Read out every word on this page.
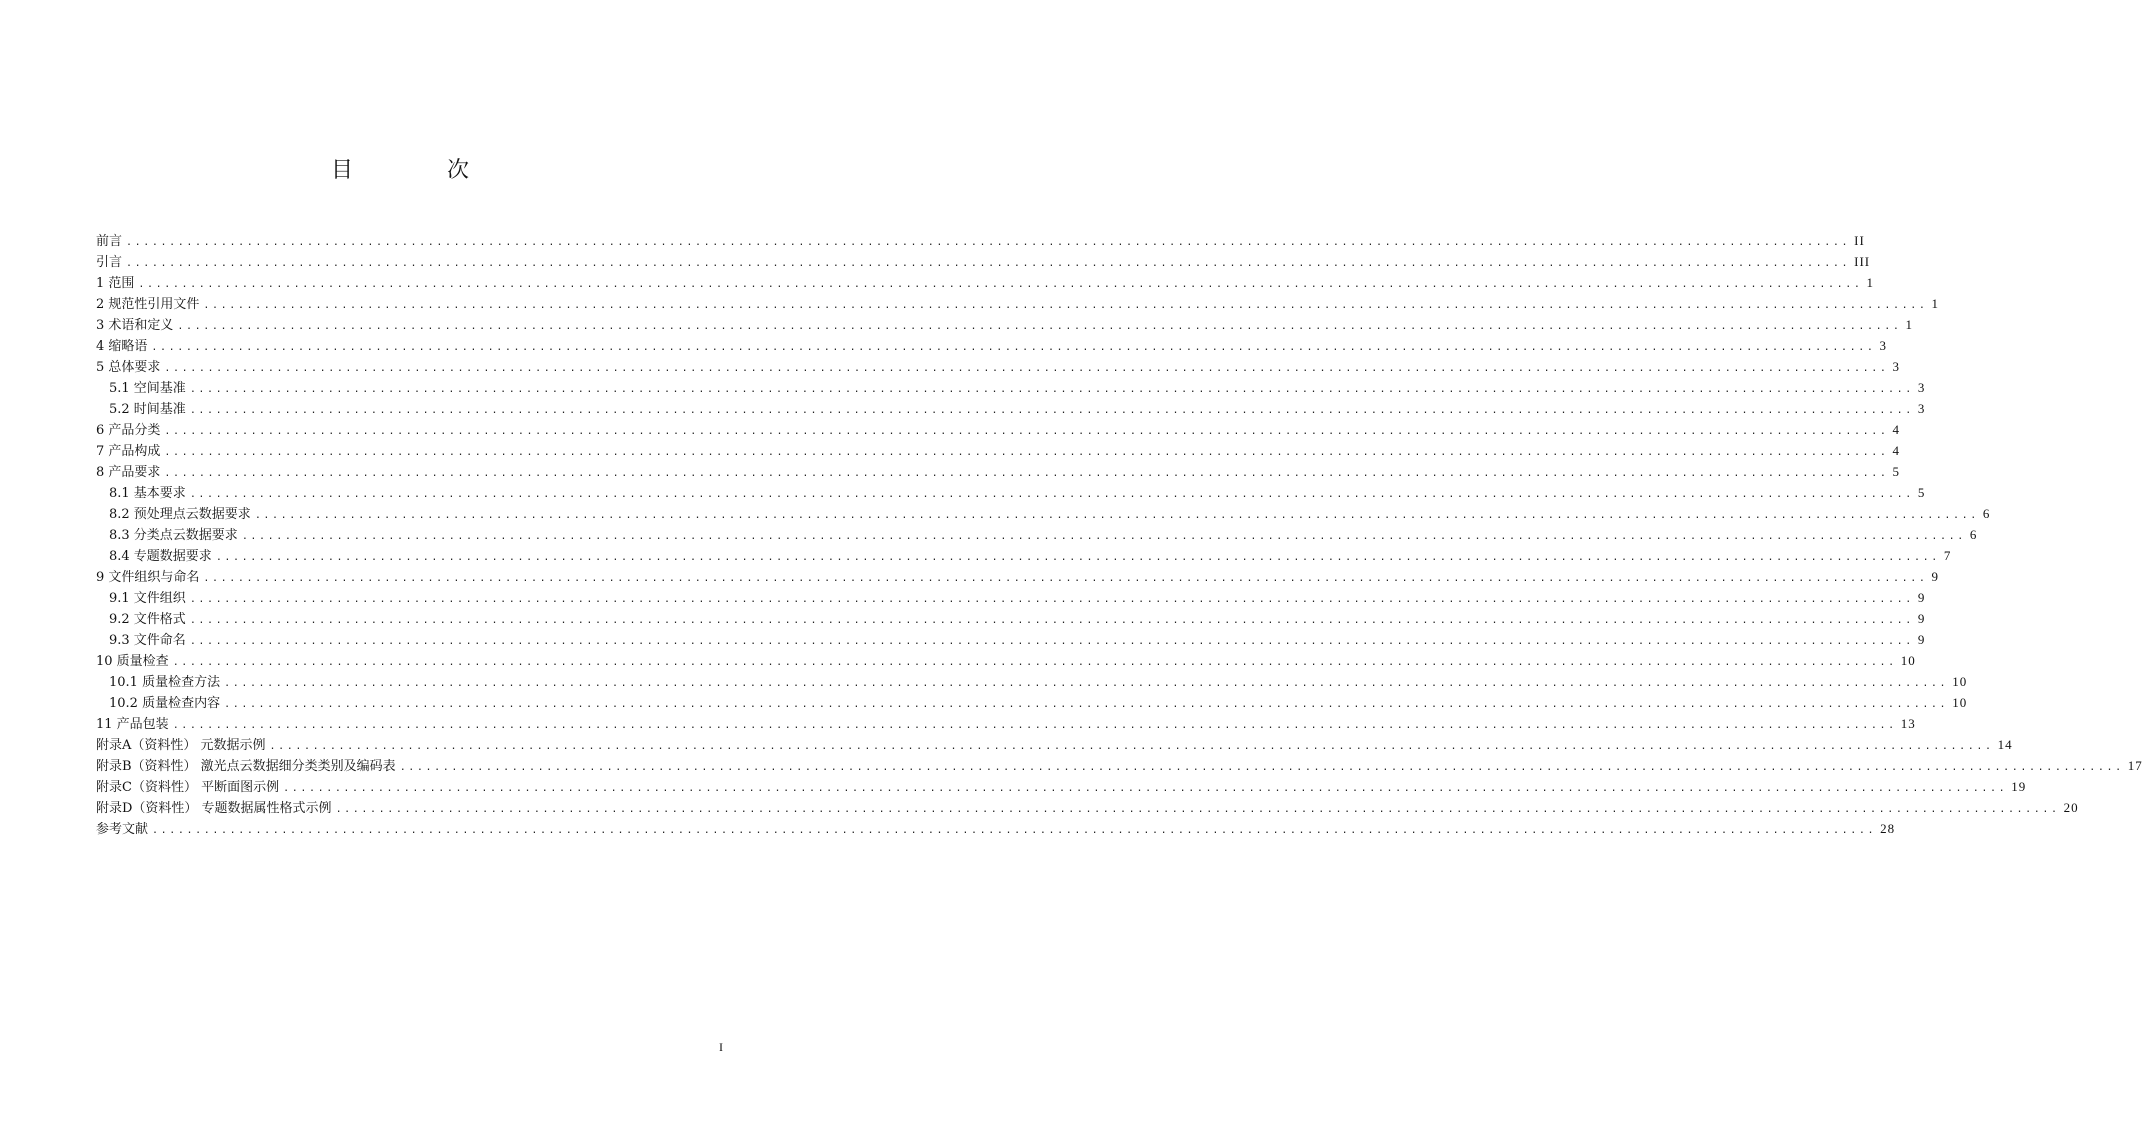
目　次
前言 ........................................................................................................................................................................................................ II
引言 ........................................................................................................................................................................................................ III
1 范围 ........................................................................................................................................................................................................ 1
2 规范性引用文件 ........................................................................................................................................................................................................ 1
3 术语和定义 ........................................................................................................................................................................................................ 1
4 缩略语 ........................................................................................................................................................................................................ 3
5 总体要求 ........................................................................................................................................................................................................ 3
5.1 空间基准 ........................................................................................................................................................................................................ 3
5.2 时间基准 ........................................................................................................................................................................................................ 3
6 产品分类 ........................................................................................................................................................................................................ 4
7 产品构成 ........................................................................................................................................................................................................ 4
8 产品要求 ........................................................................................................................................................................................................ 5
8.1 基本要求 ........................................................................................................................................................................................................ 5
8.2 预处理点云数据要求 ........................................................................................................................................................................................................ 6
8.3 分类点云数据要求 ........................................................................................................................................................................................................ 6
8.4 专题数据要求 ........................................................................................................................................................................................................ 7
9 文件组织与命名 ........................................................................................................................................................................................................ 9
9.1 文件组织 ........................................................................................................................................................................................................ 9
9.2 文件格式 ........................................................................................................................................................................................................ 9
9.3 文件命名 ........................................................................................................................................................................................................ 9
10 质量检查 ........................................................................................................................................................................................................ 10
10.1 质量检查方法 ........................................................................................................................................................................................................ 10
10.2 质量检查内容 ........................................................................................................................................................................................................ 10
11 产品包装 ........................................................................................................................................................................................................ 13
附录A（资料性） 元数据示例 ........................................................................................................................................................................................................ 14
附录B（资料性） 激光点云数据细分类类别及编码表 ........................................................................................................................................................................................................ 17
附录C（资料性） 平断面图示例 ........................................................................................................................................................................................................ 19
附录D（资料性） 专题数据属性格式示例 ........................................................................................................................................................................................................ 20
参考文献 ........................................................................................................................................................................................................ 28
I
